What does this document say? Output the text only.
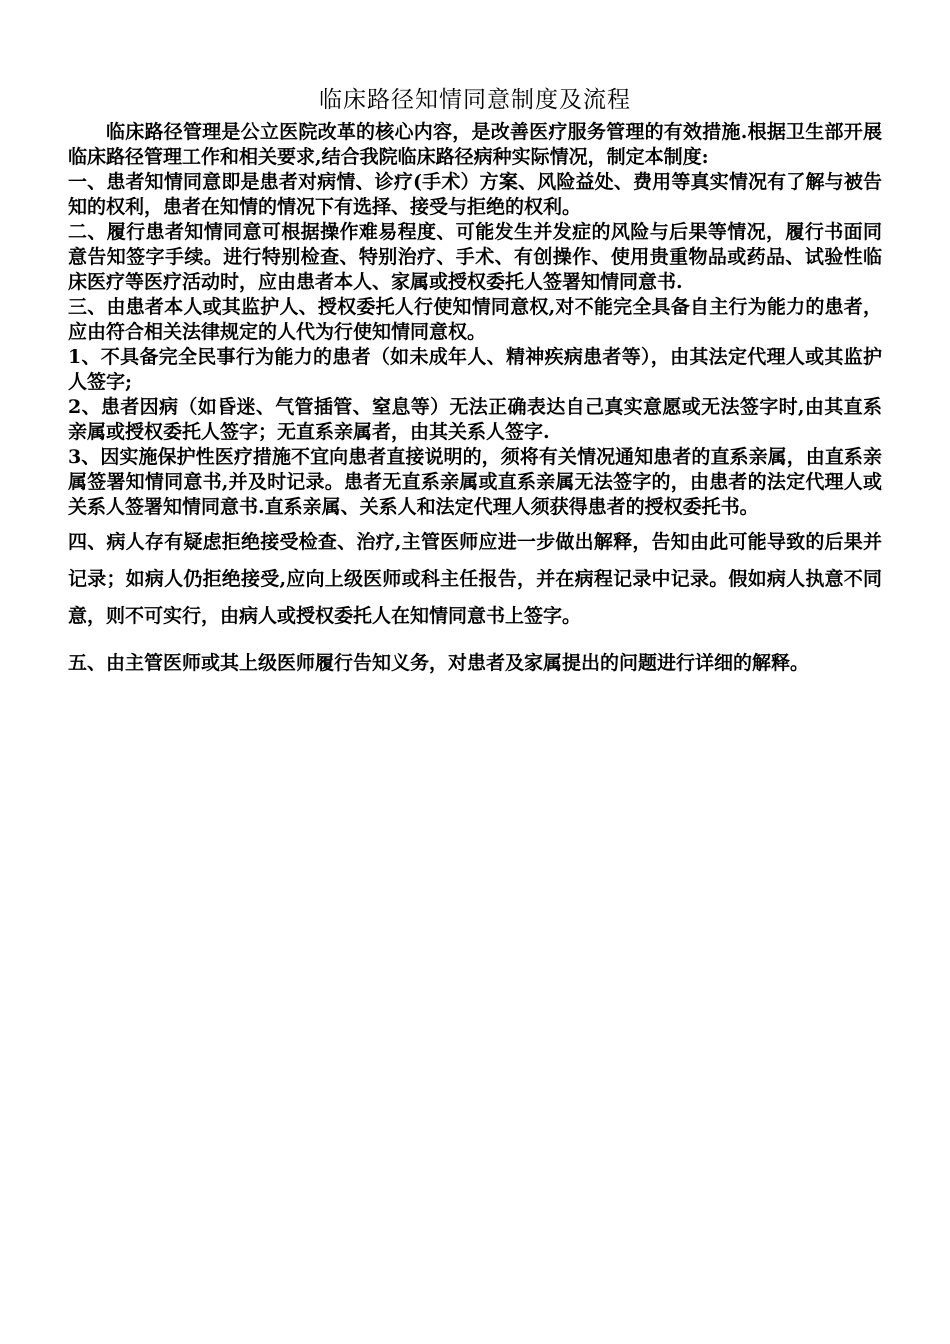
临床路径知情同意制度及流程

临床路径管理是公立医院改革的核心内容，是改善医疗服务管理的有效措施.根据卫生部开展临床路径管理工作和相关要求,结合我院临床路径病种实际情况，制定本制度:

一、患者知情同意即是患者对病情、诊疗(手术）方案、风险益处、费用等真实情况有了解与被告知的权利，患者在知情的情况下有选择、接受与拒绝的权利。

二、履行患者知情同意可根据操作难易程度、可能发生并发症的风险与后果等情况，履行书面同意告知签字手续。进行特别检查、特别治疗、手术、有创操作、使用贵重物品或药品、试验性临床医疗等医疗活动时，应由患者本人、家属或授权委托人签署知情同意书.

三、由患者本人或其监护人、授权委托人行使知情同意权,对不能完全具备自主行为能力的患者，应由符合相关法律规定的人代为行使知情同意权。

1、不具备完全民事行为能力的患者（如未成年人、精神疾病患者等），由其法定代理人或其监护人签字;

2、患者因病（如昏迷、气管插管、窒息等）无法正确表达自己真实意愿或无法签字时,由其直系亲属或授权委托人签字；无直系亲属者，由其关系人签字.

3、因实施保护性医疗措施不宜向患者直接说明的，须将有关情况通知患者的直系亲属，由直系亲属签署知情同意书,并及时记录。患者无直系亲属或直系亲属无法签字的，由患者的法定代理人或关系人签署知情同意书.直系亲属、关系人和法定代理人须获得患者的授权委托书。

四、病人存有疑虑拒绝接受检查、治疗,主管医师应进一步做出解释，告知由此可能导致的后果并记录；如病人仍拒绝接受,应向上级医师或科主任报告，并在病程记录中记录。假如病人执意不同意，则不可实行，由病人或授权委托人在知情同意书上签字。

五、由主管医师或其上级医师履行告知义务，对患者及家属提出的问题进行详细的解释。
